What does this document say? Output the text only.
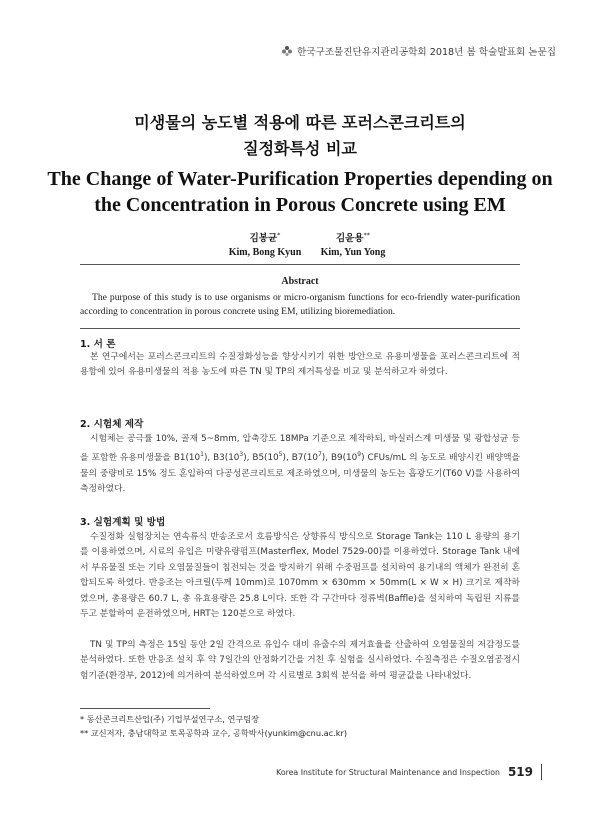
한국구조물진단유지관리공학회 2018년 봄 학술발표회 논문집
미생물의 농도별 적용에 따른 포러스콘크리트의
질정화특성 비교
The Change of Water-Purification Properties depending on
the Concentration in Porous Concrete using EM
김봉균*
Kim, Bong Kyun
김윤용**
Kim, Yun Yong
Abstract
The purpose of this study is to use organisms or micro-organism functions for eco-friendly water-purification according to concentration in porous concrete using EM, utilizing bioremediation.
1. 서 론
본 연구에서는 포러스콘크리트의 수질정화성능을 향상시키기 위한 방안으로 유용미생물을 포러스콘크리트에 적용함에 있어 유용미생물의 적용 농도에 따른 TN 및 TP의 제거특성을 비교 및 분석하고자 하였다.
2. 시험체 제작
시험체는 공극률 10%, 골재 5~8mm, 압축강도 18MPa 기준으로 제작하되, 바실러스계 미생물 및 광합성균 등을 포함한 유용미생물을 $B1(10^1)$, $B3(10^3)$, $B5(10^5)$, $B7(10^7)$, $B9(10^9)$ CFUs/mL 의 농도로 배양시킨 배양액을 물의 중량비로 15% 정도 혼입하여 다공성콘크리트로 제조하였으며, 미생물의 농도는 흡광도기(T60 V)를 사용하여 측정하였다.
3. 실험계획 및 방법
수질정화 실험장치는 연속류식 반송조로서 흐름방식은 상향류식 방식으로 Storage Tank는 110 L 용량의 용기를 이용하였으며, 시료의 유입은 미량유량펌프(Masterflex, Model 7529-00)를 이용하였다. Storage Tank 내에서 부유물질 또는 기타 오염물질들이 침전되는 것을 방지하기 위해 수중펌프를 설치하여 용기내의 액체가 완전히 혼합되도록 하였다. 반응조는 아크릴(두께 10mm)로 1070mm × 630mm × 50mm(L × W × H) 크기로 제작하였으며, 총용량은 60.7 L, 총 유효용량은 25.8 L이다. 또한 각 구간마다 정류벽(Baffle)을 설치하여 독립된 지류를 두고 분할하여 운전하였으며, HRT는 120분으로 하였다.
TN 및 TP의 측정은 15일 동안 2일 간격으로 유입수 대비 유출수의 제거효율을 산출하여 오염물질의 저감정도를 분석하였다. 또한 반응조 설치 후 약 7일간의 안정화기간을 거친 후 실험을 실시하였다. 수질측정은 수질오염공정시험기준(환경부, 2012)에 의거하여 분석하였으며 각 시료별로 3회씩 분석을 하여 평균값을 나타내었다.
* 동산콘크리트산업(주) 기업부설연구소, 연구팀장
** 교신저자, 충남대학교 토목공학과 교수, 공학박사(yunkim@cnu.ac.kr)
Korea Institute for Structural Maintenance and Inspection 519
